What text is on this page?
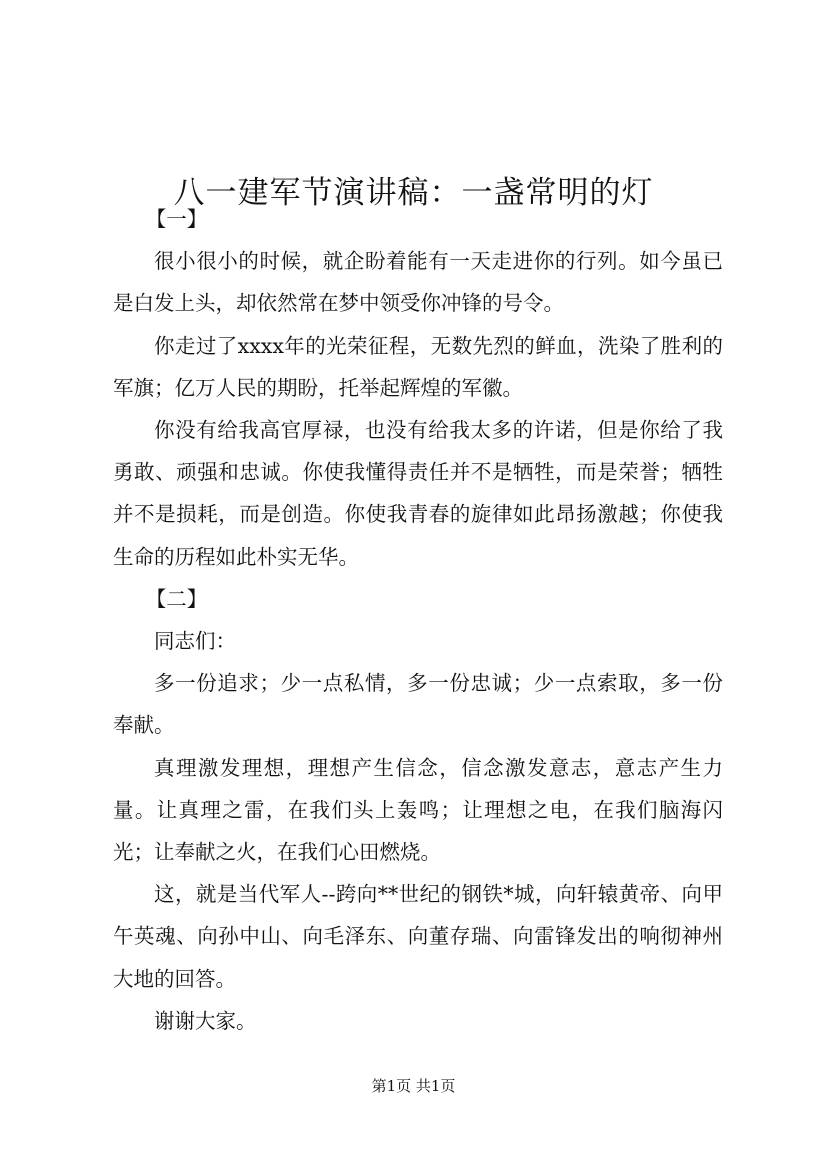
八一建军节演讲稿：一盏常明的灯

【一】

很小很小的时候，就企盼着能有一天走进你的行列。如今虽已是白发上头，却依然常在梦中领受你冲锋的号令。

你走过了xxxx年的光荣征程，无数先烈的鲜血，洗染了胜利的军旗；亿万人民的期盼，托举起辉煌的军徽。

你没有给我高官厚禄，也没有给我太多的许诺，但是你给了我勇敢、顽强和忠诚。你使我懂得责任并不是牺牲，而是荣誉；牺牲并不是损耗，而是创造。你使我青春的旋律如此昂扬激越；你使我生命的历程如此朴实无华。

【二】

同志们：

多一份追求；少一点私情，多一份忠诚；少一点索取，多一份奉献。

真理激发理想，理想产生信念，信念激发意志，意志产生力量。让真理之雷，在我们头上轰鸣；让理想之电，在我们脑海闪光；让奉献之火，在我们心田燃烧。

这，就是当代军人--跨向**世纪的钢铁*城，向轩辕黄帝、向甲午英魂、向孙中山、向毛泽东、向董存瑞、向雷锋发出的响彻神州大地的回答。

谢谢大家。

第1页 共1页
